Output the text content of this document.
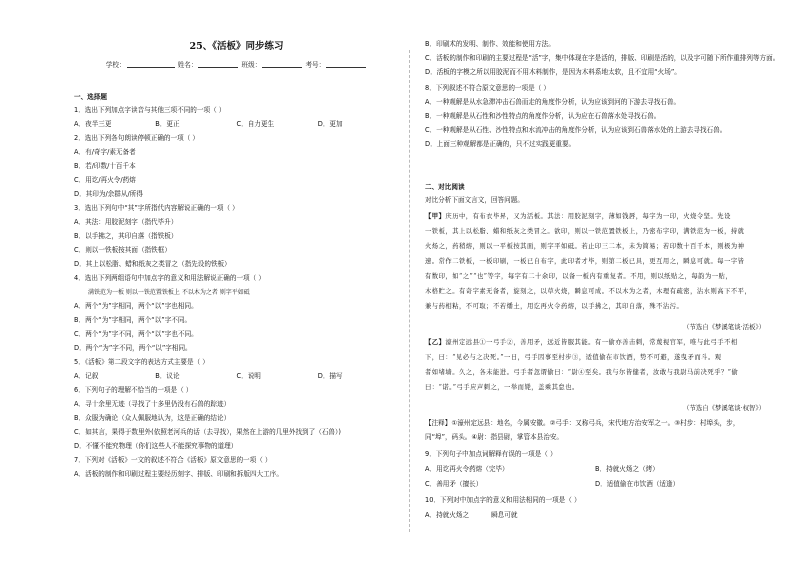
25、《活板》同步练习
学校：	姓名：	班级：	考号：
一、选择题
1．选出下列加点字读音与其他三项不同的一项（ ）
A．夜半三更	B．更正	C．自力更生	D．更加
2．选出下列各句朗读停顿正确的一项（ ）
A．有/奇字/素无备者
B．若/印数/十百千本
C．用讫/再火令/药熔
D．其印为/余群从/所得
3．选出下列句中“其”字所指代内容解说正确的一项（ ）
A．其法：用胶泥刻字（指代毕升）
B．以手拂之，其印自落（指铁板）
C．则以一铁板按其面（指铁框）
D．其上以松脂、蜡和纸灰之类冒之（指先设的铁板）
4．选出下列两组语句中加点字的意义和用法解说正确的一项（ ）
满铁范为一板 则以一铁范置铁板上 不以木为之者 则字平如砥
A．两个“为”字相同，两个“以”字也相同。
B．两个“为”字相同，两个“以”字不同。
C．两个“为”字不同，两个“以”字也不同。
D．两个“为”字不同，两个“以”字相同。
5．《活板》第二段文字的表达方式主要是（ ）
A．记叙	B．议论	C．说明	D．描写
6．下列句子的理解不恰当的一项是（ ）
A．寻十余里无迹（寻找了十多里仍没有石兽的踪迹）
B．众服为确论（众人佩服地认为，这是正确的结论）
C．如其言，果得于数里外(依照老河兵的话（去寻找），果然在上游的几里外找到了（石兽）)
D．不懂不能究物理（你们这些人不能探究事物的道理）
7．下列对《活板》一文的叙述不符合《活板》原文意思的一项（ ）
A．活板的制作和印刷过程主要经历刻字、排版、印刷和拆版四大工序。
B．印刷术的发明、制作、效能和使用方法。
C．活板的制作和印刷的主要过程是“活”字，集中体现在字是活的，排版、印刷是活的，以及字可随下所作重排列等方面。
D．活板的字模之所以用胶泥而不用木料制作，是因为木料系地太软，且不宜用“火场”。
8．下列叙述不符合原文意思的一项是（ ）
A．一种观解是从水急滞冲击石兽而走的角度作分析，认为应该到河的下游去寻找石兽。
B．一种观解是从石性和沙性特点的角度作分析，认为应在石兽落水处寻找石兽。
C．一种观解是从石性、沙性特点和水流冲击的角度作分析，认为应该到石兽落水处的上游去寻找石兽。
D．上面三种观解都是正确的，只不过实践更重要。
二、对比阅读
对比分析下面文言文，回答问题。
【甲】庆历中，有布衣毕昇，又为活板。其法：用胶泥刻字，薄如钱唇，每字为一印，火烧令坚。先设
一铁板，其上以松脂、蜡和纸灰之类冒之。欲印，则以一铁范置铁板上，乃密布字印，满铁范为一板，持就
火炀之，药稍熔，则以一平板按其面，则字平如砥。若止印三二本，未为简易；若印数十百千本，则极为神
速。常作二铁板，一板印刷，一板已自布字，此印者才毕，则第二板已具，更互用之，瞬息可就。每一字皆
有数印，如“之”“也”等字，每字有二十余印，以备一板内有重复者。不用，则以纸贴之，每韵为一贴，
木格贮之。有奇字素无备者，旋刻之，以草火烧，瞬息可成。不以木为之者，木理有疏密，沾水则高下不平，
兼与药相粘，不可取；不若燔土，用讫再火令药熔，以手拂之，其印自落，殊不沾污。
（节选自《梦溪笔谈·活板》）
【乙】濠州定远县①一弓手②，善用矛，远近皆服其能。有一偷亦善击刺，常蔑视官军，唯与此弓手不相
下，曰：“见必与之决死。”一日，弓手因事至村步③，适值偷在市饮酒，势不可避，遂曳矛而斗。观
者如堵墙。久之，各未能进。弓手者忽谓偷曰：“尉④至矣。我与尔皆健者，汝敢与我尉马前决死乎？”偷
曰：“诺。”弓手应声刺之，一举而毙，盖乘其怠也。
（节选自《梦溪笔谈·权智》）
【注释】①濠州定远县：地名，今属安徽。②弓手：又称弓兵，宋代地方治安军之一。③村步：村埠头，步，
同“埠”，码头。④尉：指县尉，掌管本县治安。
9．下列句子中加点词解释有误的一项是（ ）
A．用讫再火令药熔（完毕）	B．持就火炀之（烤）
C．善用矛（擅长）	D．适值偷在市饮酒（适逢）
10．下列对中加点字的意义和用法相同的一项是（ ）
A．持就火炀之	瞬息可就
